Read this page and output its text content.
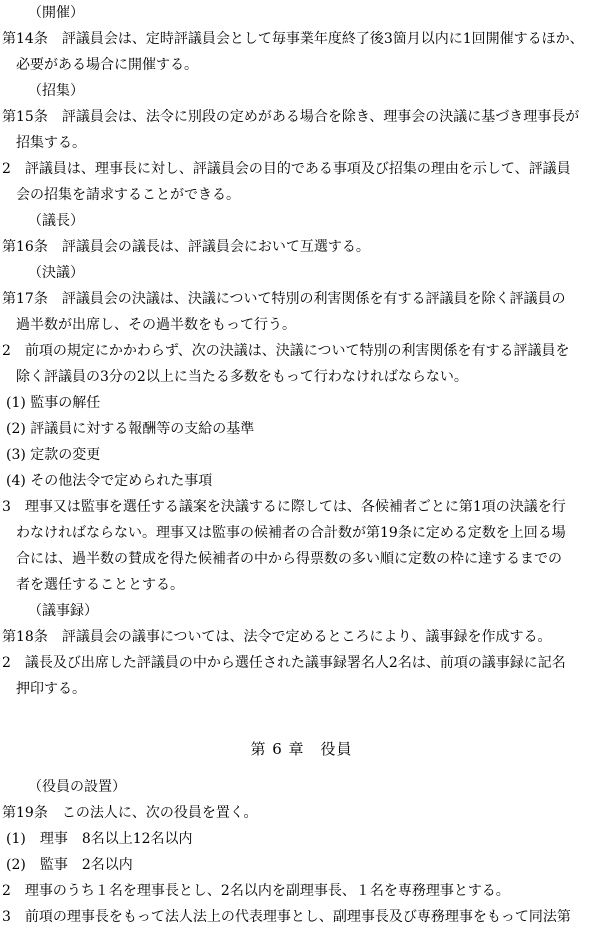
（開催）
第14条　評議員会は、定時評議員会として毎事業年度終了後3箇月以内に1回開催するほか、
必要がある場合に開催する。
（招集）
第15条　評議員会は、法令に別段の定めがある場合を除き、理事会の決議に基づき理事長が
招集する。
2　評議員は、理事長に対し、評議員会の目的である事項及び招集の理由を示して、評議員
会の招集を請求することができる。
（議長）
第16条　評議員会の議長は、評議員会において互選する。
（決議）
第17条　評議員会の決議は、決議について特別の利害関係を有する評議員を除く評議員の
過半数が出席し、その過半数をもって行う。
2　前項の規定にかかわらず、次の決議は、決議について特別の利害関係を有する評議員を
除く評議員の3分の2以上に当たる多数をもって行わなければならない。
(1) 監事の解任
(2) 評議員に対する報酬等の支給の基準
(3) 定款の変更
(4) その他法令で定められた事項
3　理事又は監事を選任する議案を決議するに際しては、各候補者ごとに第1項の決議を行
わなければならない。理事又は監事の候補者の合計数が第19条に定める定数を上回る場
合には、過半数の賛成を得た候補者の中から得票数の多い順に定数の枠に達するまでの
者を選任することとする。
（議事録）
第18条　評議員会の議事については、法令で定めるところにより、議事録を作成する。
2　議長及び出席した評議員の中から選任された議事録署名人2名は、前項の議事録に記名
押印する。
第 6 章　役員
（役員の設置）
第19条　この法人に、次の役員を置く。
(1)　理事　8名以上12名以内
(2)　監事　2名以内
2　理事のうち１名を理事長とし、2名以内を副理事長、１名を専務理事とする。
3　前項の理事長をもって法人法上の代表理事とし、副理事長及び専務理事をもって同法第
